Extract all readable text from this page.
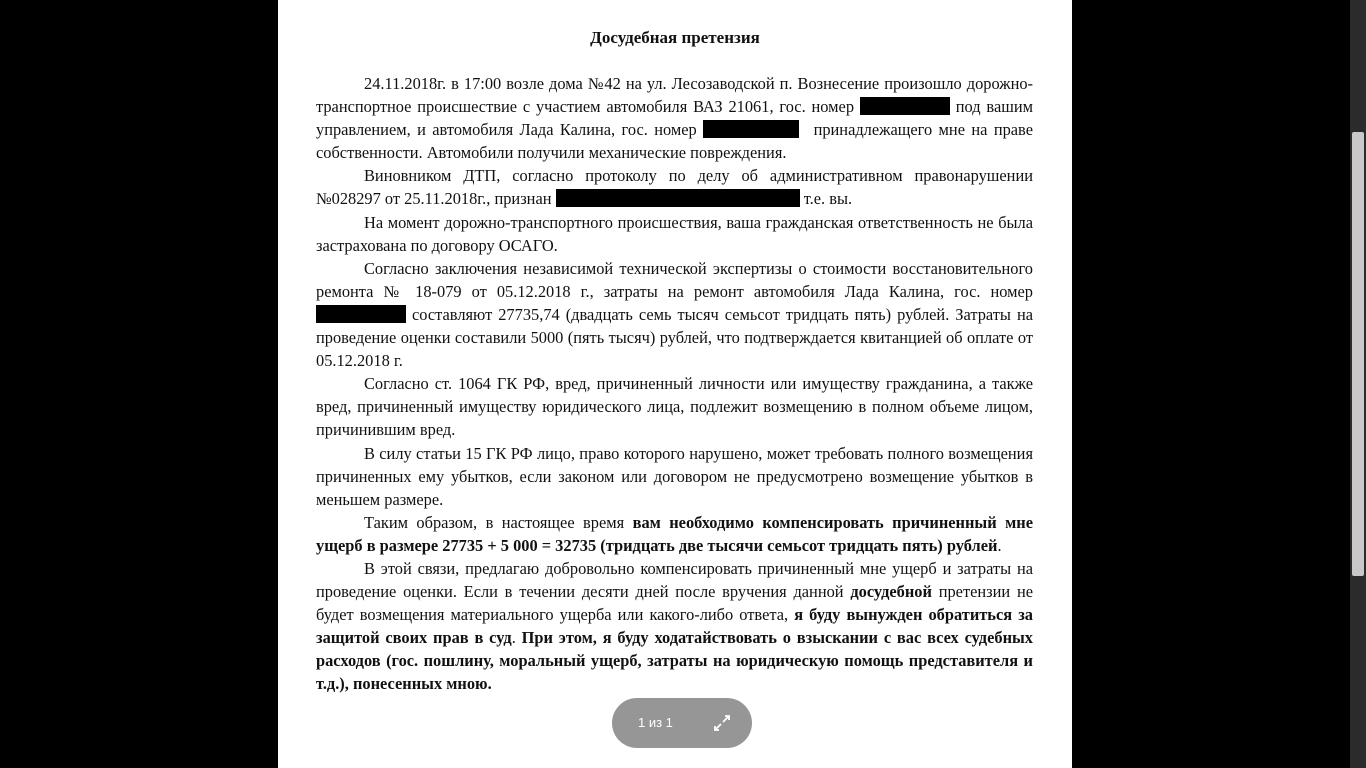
Досудебная претензия

24.11.2018г. в 17:00 возле дома №42 на ул. Лесозаводской п. Вознесение произошло дорожно-транспортное происшествие с участием автомобиля ВАЗ 21061, гос. номер	под вашим управлением, и автомобиля Лада Калина, гос. номер	принадлежащего мне на праве собственности. Автомобили получили механические повреждения.

Виновником ДТП, согласно протоколу по делу об административном правонарушении №028297 от 25.11.2018г., признан	т.е. вы.

На момент дорожно-транспортного происшествия, ваша гражданская ответственность не была застрахована по договору ОСАГО.

Согласно заключения независимой технической экспертизы о стоимости восстановительного ремонта № 18-079 от 05.12.2018 г., затраты на ремонт автомобиля Лада Калина, гос. номер  составляют 27735,74 (двадцать семь тысяч семьсот тридцать пять) рублей. Затраты на проведение оценки составили 5000 (пять тысяч) рублей, что подтверждается квитанцией об оплате от 05.12.2018 г.

Согласно ст. 1064 ГК РФ, вред, причиненный личности или имуществу гражданина, а также вред, причиненный имуществу юридического лица, подлежит возмещению в полном объеме лицом, причинившим вред.

В силу статьи 15 ГК РФ лицо, право которого нарушено, может требовать полного возмещения причиненных ему убытков, если законом или договором не предусмотрено возмещение убытков в меньшем размере.

Таким образом, в настоящее время вам необходимо компенсировать причиненный мне ущерб в размере 27735 + 5 000 = 32735 (тридцать две тысячи семьсот тридцать пять) рублей.

В этой связи, предлагаю добровольно компенсировать причиненный мне ущерб и затраты на проведение оценки. Если в течении десяти дней после вручения данной досудебной претензии не будет возмещения материального ущерба или какого-либо ответа, я буду вынужден обратиться за защитой своих прав в суд. При этом, я буду ходатайствовать о взыскании с вас всех судебных расходов (гос. пошлину, моральный ущерб, затраты на юридическую помощь представителя и т.д.), понесенных мною.

1 из 1
